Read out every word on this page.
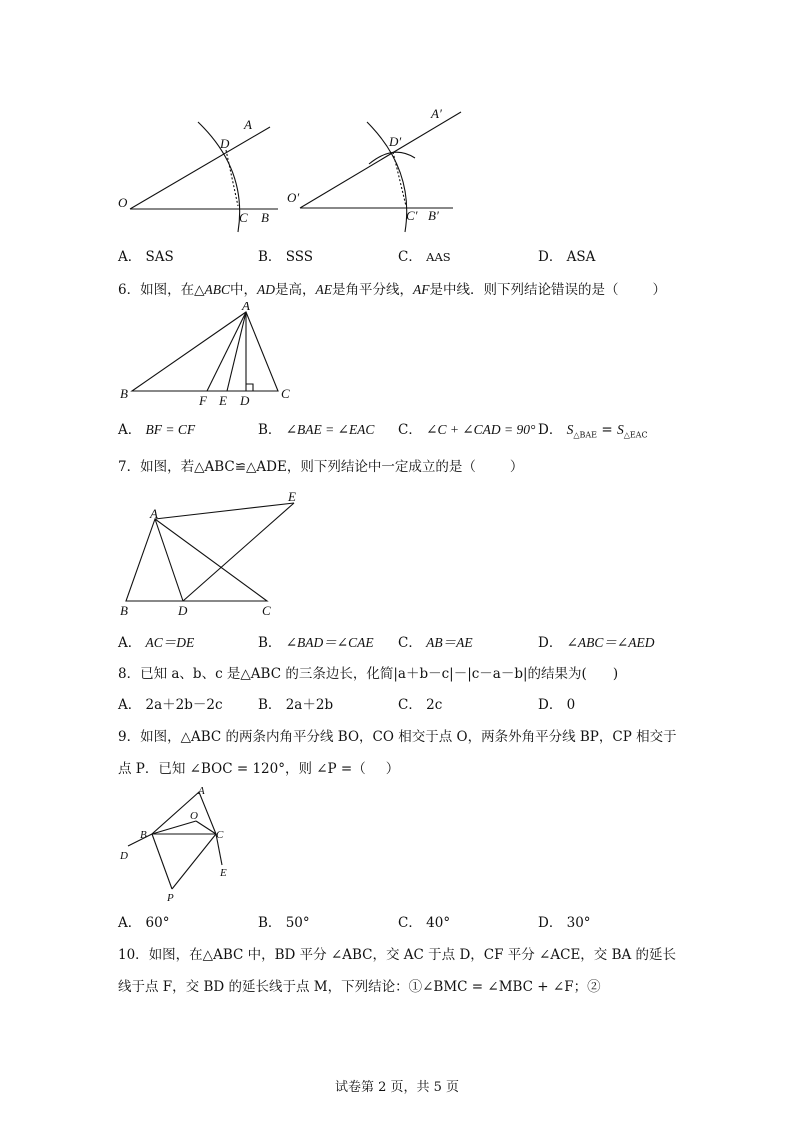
O
A
D
C B
O′
A′
D′
C′ B′
A． SAS	B． SSS	C． AAS	D． ASA
6．如图，在△ABC中，AD是高，AE是角平分线，AF是中线．则下列结论错误的是（	）
A
B	C
F E D
A． BF = CF	B． ∠BAE = ∠EAC C． ∠C + ∠CAD = 90° D． $S_{\triangle BAE} = S_{\triangle EAC}$
7．如图，若△ABC≌△ADE，则下列结论中一定成立的是（	）
A
E
B	D	C
A． AC＝DE	B． ∠BAD＝∠CAE C． AB＝AE	D． ∠ABC＝∠AED
8．已知 a、b、c 是△ABC 的三条边长，化简|a＋b－c|－|c－a－b|的结果为( )
A． 2a＋2b－2c	B． 2a＋2b	C． 2c	D． 0
9．如图，△ABC 的两条内角平分线 BO，CO 相交于点 O，两条外角平分线 BP，CP 相交于
点 P．已知 ∠BOC = 120°，则 ∠P =（ ）
A
O
B	C
D
E
P
A． 60°	B． 50°	C． 40°	D． 30°
10．如图，在△ABC 中，BD 平分 ∠ABC，交 AC 于点 D，CF 平分 ∠ACE，交 BA 的延长
线于点 F，交 BD 的延长线于点 M，下列结论：①∠BMC = ∠MBC + ∠F；②
试卷第 2 页，共 5 页
